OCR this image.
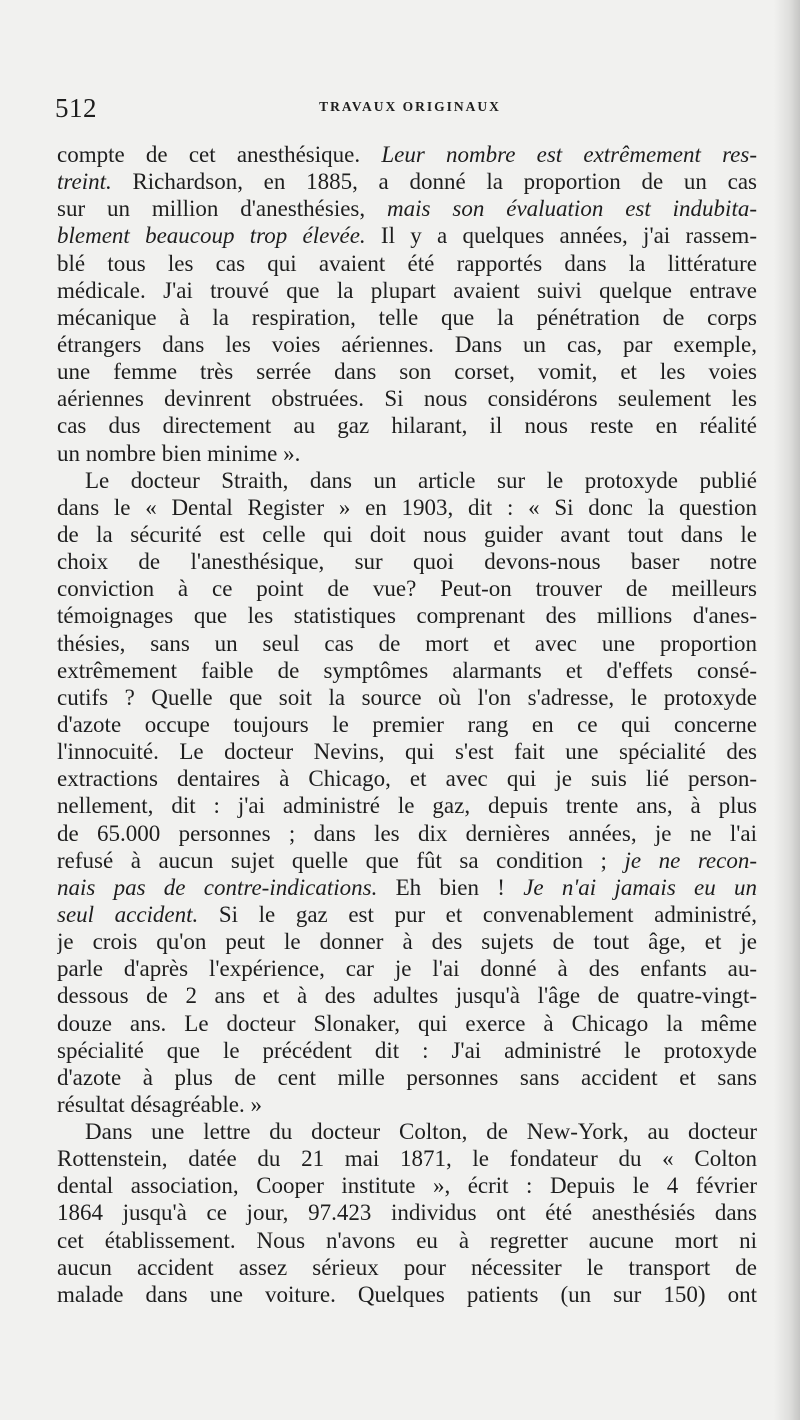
512	TRAVAUX ORIGINAUX
compte de cet anesthésique. Leur nombre est extrêmement res-
treint. Richardson, en 1885, a donné la proportion de un cas
sur un million d'anesthésies, mais son évaluation est indubita-
blement beaucoup trop élevée. Il y a quelques années, j'ai rassem-
blé tous les cas qui avaient été rapportés dans la littérature
médicale. J'ai trouvé que la plupart avaient suivi quelque entrave
mécanique à la respiration, telle que la pénétration de corps
étrangers dans les voies aériennes. Dans un cas, par exemple,
une femme très serrée dans son corset, vomit, et les voies
aériennes devinrent obstruées. Si nous considérons seulement les
cas dus directement au gaz hilarant, il nous reste en réalité
un nombre bien minime ».
Le docteur Straith, dans un article sur le protoxyde publié
dans le « Dental Register » en 1903, dit : « Si donc la question
de la sécurité est celle qui doit nous guider avant tout dans le
choix de l'anesthésique, sur quoi devons-nous baser notre
conviction à ce point de vue? Peut-on trouver de meilleurs
témoignages que les statistiques comprenant des millions d'anes-
thésies, sans un seul cas de mort et avec une proportion
extrêmement faible de symptômes alarmants et d'effets consé-
cutifs ? Quelle que soit la source où l'on s'adresse, le protoxyde
d'azote occupe toujours le premier rang en ce qui concerne
l'innocuité. Le docteur Nevins, qui s'est fait une spécialité des
extractions dentaires à Chicago, et avec qui je suis lié person-
nellement, dit : j'ai administré le gaz, depuis trente ans, à plus
de 65.000 personnes ; dans les dix dernières années, je ne l'ai
refusé à aucun sujet quelle que fût sa condition ; je ne recon-
nais pas de contre-indications. Eh bien ! Je n'ai jamais eu un
seul accident. Si le gaz est pur et convenablement administré,
je crois qu'on peut le donner à des sujets de tout âge, et je
parle d'après l'expérience, car je l'ai donné à des enfants au-
dessous de 2 ans et à des adultes jusqu'à l'âge de quatre-vingt-
douze ans. Le docteur Slonaker, qui exerce à Chicago la même
spécialité que le précédent dit : J'ai administré le protoxyde
d'azote à plus de cent mille personnes sans accident et sans
résultat désagréable. »
Dans une lettre du docteur Colton, de New-York, au docteur
Rottenstein, datée du 21 mai 1871, le fondateur du « Colton
dental association, Cooper institute », écrit : Depuis le 4 février
1864 jusqu'à ce jour, 97.423 individus ont été anesthésiés dans
cet établissement. Nous n'avons eu à regretter aucune mort ni
aucun accident assez sérieux pour nécessiter le transport de
malade dans une voiture. Quelques patients (un sur 150) ont
